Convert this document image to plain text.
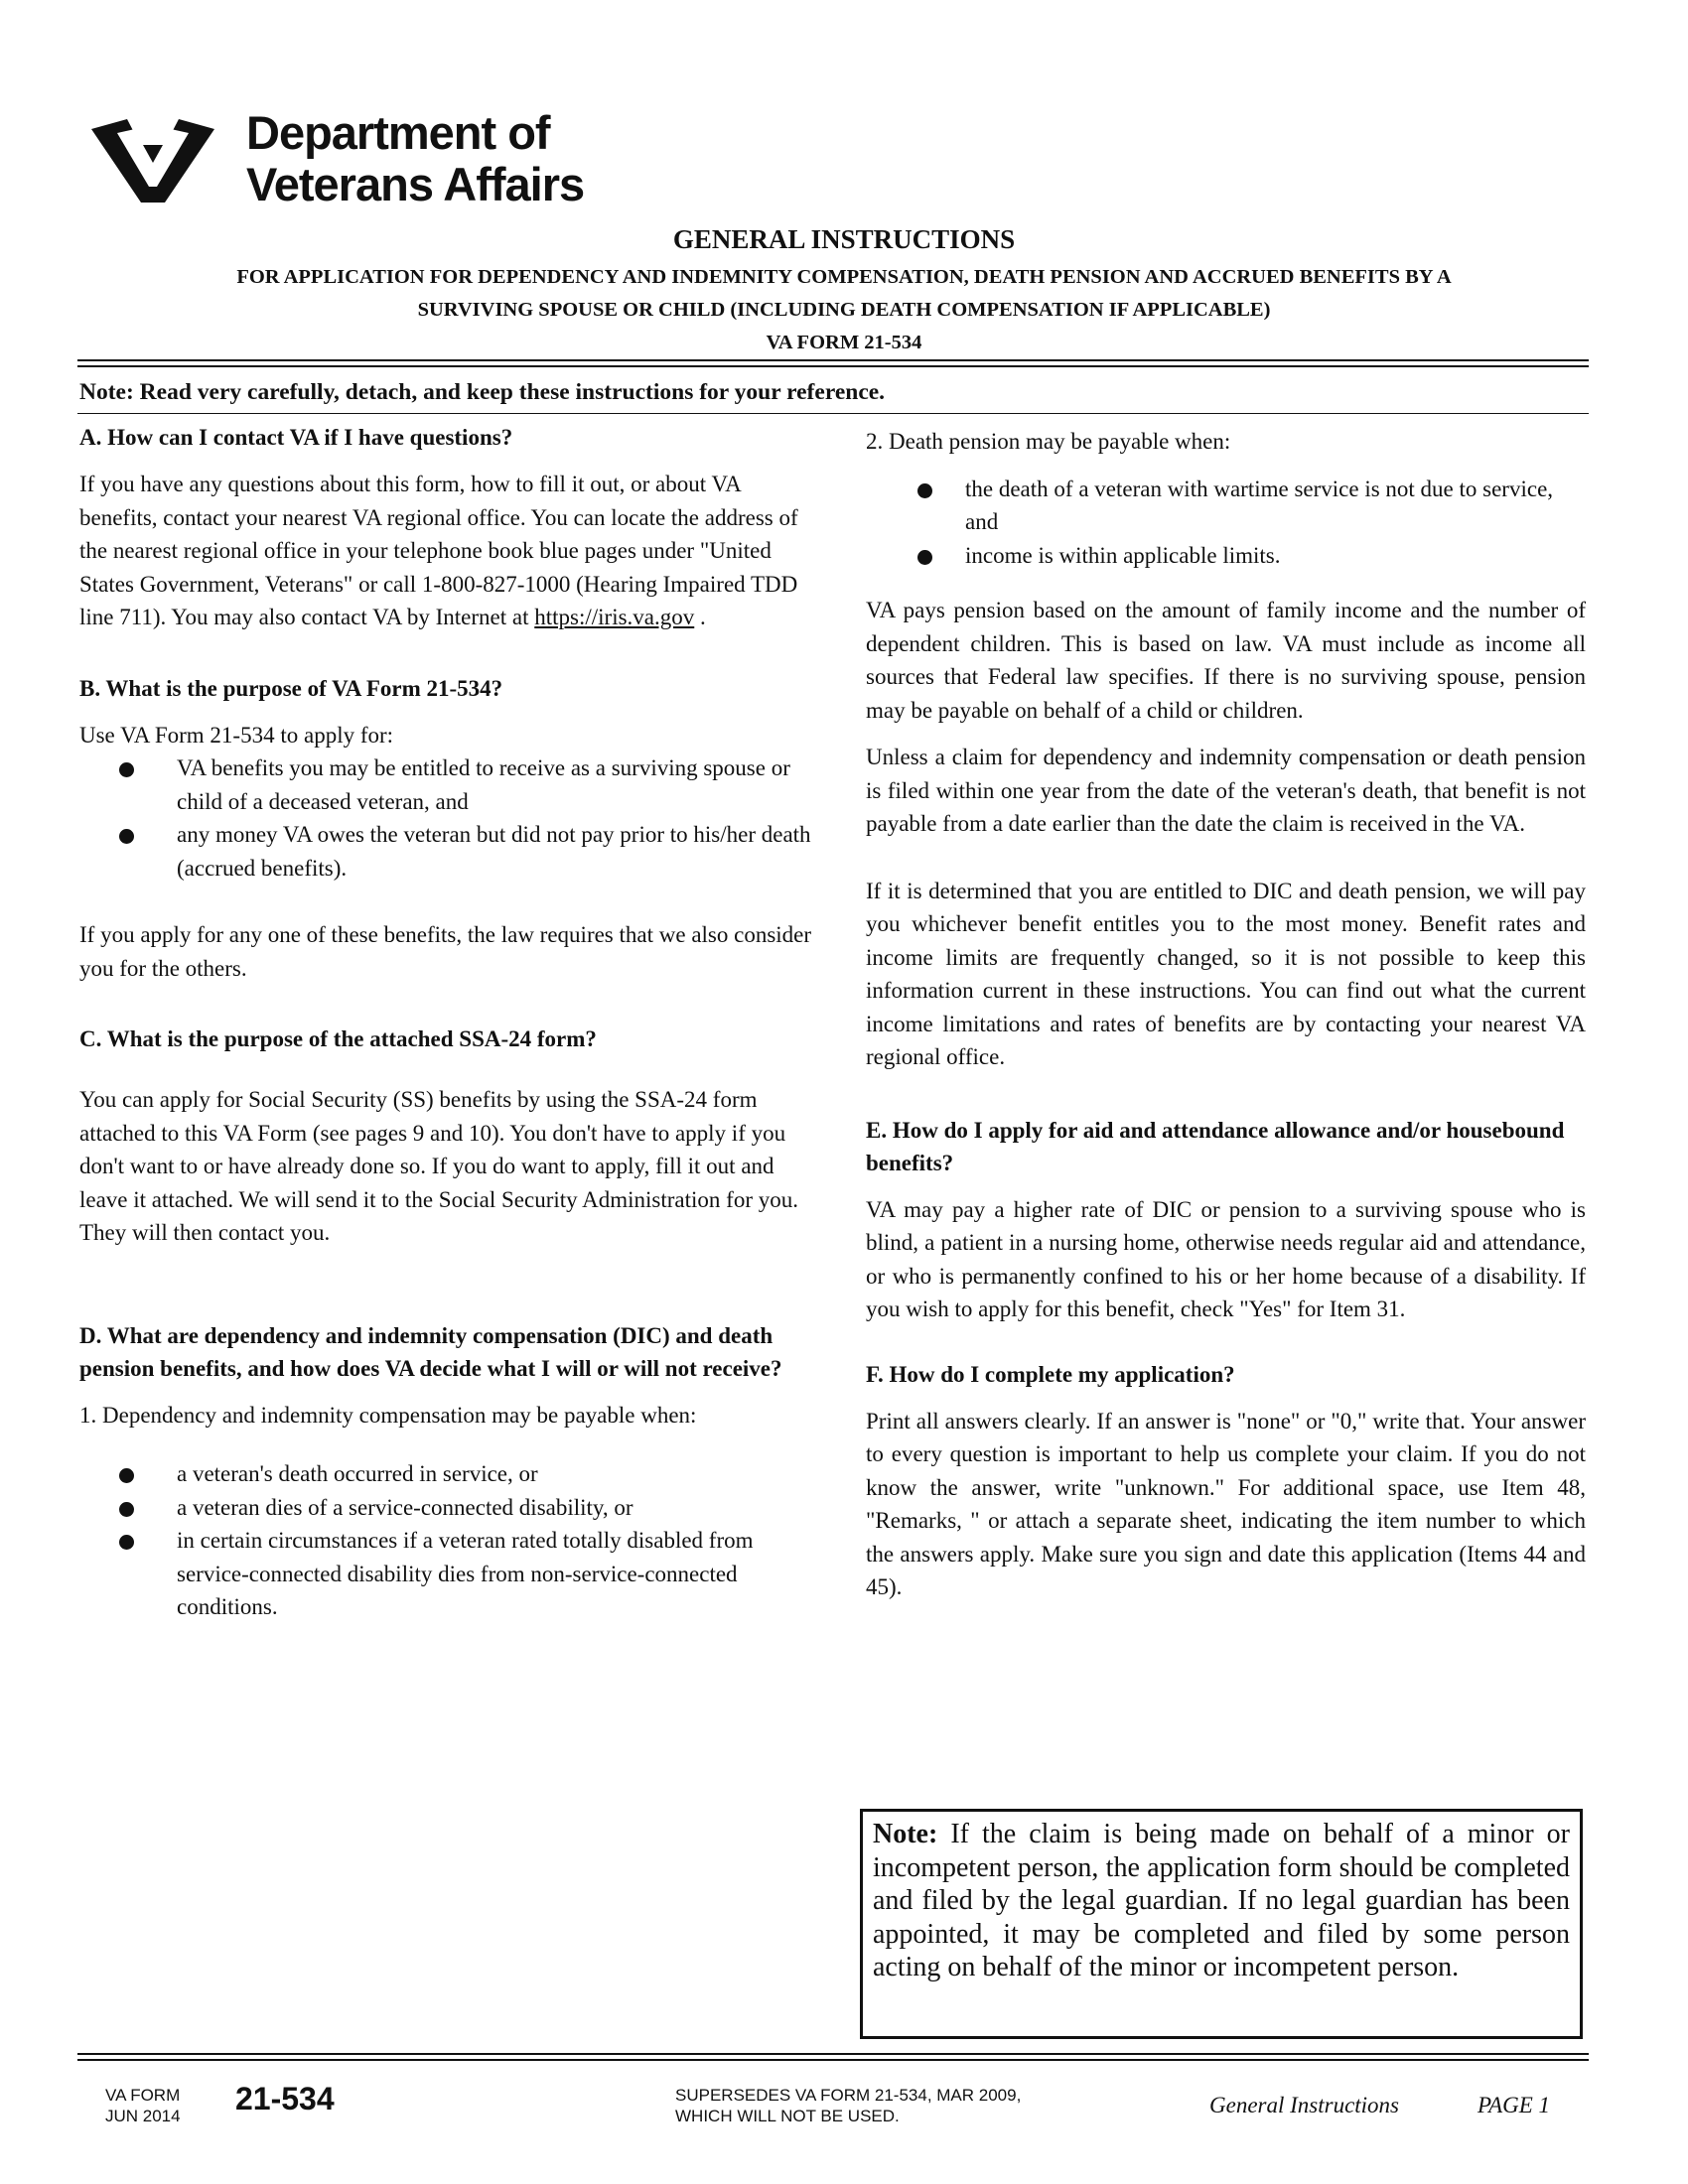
Department of
Veterans Affairs
GENERAL INSTRUCTIONS
FOR APPLICATION FOR DEPENDENCY AND INDEMNITY COMPENSATION, DEATH PENSION AND ACCRUED BENEFITS BY A
SURVIVING SPOUSE OR CHILD (INCLUDING DEATH COMPENSATION IF APPLICABLE)
VA FORM 21-534
Note: Read very carefully, detach, and keep these instructions for your reference.

A. How can I contact VA if I have questions?

If you have any questions about this form, how to fill it out, or about VA benefits, contact your nearest VA regional office. You can locate the address of the nearest regional office in your telephone book blue pages under "United States Government, Veterans" or call 1-800-827-1000 (Hearing Impaired TDD line 711). You may also contact VA by Internet at https://iris.va.gov .

B. What is the purpose of VA Form 21-534?

Use VA Form 21-534 to apply for:

VA benefits you may be entitled to receive as a surviving spouse or child of a deceased veteran, and
any money VA owes the veteran but did not pay prior to his/her death (accrued benefits).

If you apply for any one of these benefits, the law requires that we also consider you for the others.

C. What is the purpose of the attached SSA-24 form?

You can apply for Social Security (SS) benefits by using the SSA-24 form attached to this VA Form (see pages 9 and 10). You don't have to apply if you don't want to or have already done so. If you do want to apply, fill it out and leave it attached. We will send it to the Social Security Administration for you. They will then contact you.

D. What are dependency and indemnity compensation (DIC) and death pension benefits, and how does VA decide what I will or will not receive?

1. Dependency and indemnity compensation may be payable when:

a veteran's death occurred in service, or
a veteran dies of a service-connected disability, or
in certain circumstances if a veteran rated totally disabled from service-connected disability dies from non-service-connected conditions.

2. Death pension may be payable when:

the death of a veteran with wartime service is not due to service, and
income is within applicable limits.

VA pays pension based on the amount of family income and the number of dependent children. This is based on law. VA must include as income all sources that Federal law specifies. If there is no surviving spouse, pension may be payable on behalf of a child or children.

Unless a claim for dependency and indemnity compensation or death pension is filed within one year from the date of the veteran's death, that benefit is not payable from a date earlier than the date the claim is received in the VA.

If it is determined that you are entitled to DIC and death pension, we will pay you whichever benefit entitles you to the most money. Benefit rates and income limits are frequently changed, so it is not possible to keep this information current in these instructions. You can find out what the current income limitations and rates of benefits are by contacting your nearest VA regional office.

E. How do I apply for aid and attendance allowance and/or housebound benefits?

VA may pay a higher rate of DIC or pension to a surviving spouse who is blind, a patient in a nursing home, otherwise needs regular aid and attendance, or who is permanently confined to his or her home because of a disability. If you wish to apply for this benefit, check "Yes" for Item 31.

F. How do I complete my application?

Print all answers clearly. If an answer is "none" or "0," write that. Your answer to every question is important to help us complete your claim. If you do not know the answer, write "unknown." For additional space, use Item 48, "Remarks, " or attach a separate sheet, indicating the item number to which the answers apply. Make sure you sign and date this application (Items 44 and 45).

Note: If the claim is being made on behalf of a minor or incompetent person, the application form should be completed and filed by the legal guardian. If no legal guardian has been appointed, it may be completed and filed by some person acting on behalf of the minor or incompetent person.
VA FORM
JUN 2014 21-534	SUPERSEDES VA FORM 21-534, MAR 2009,
WHICH WILL NOT BE USED.	General Instructions	PAGE 1
